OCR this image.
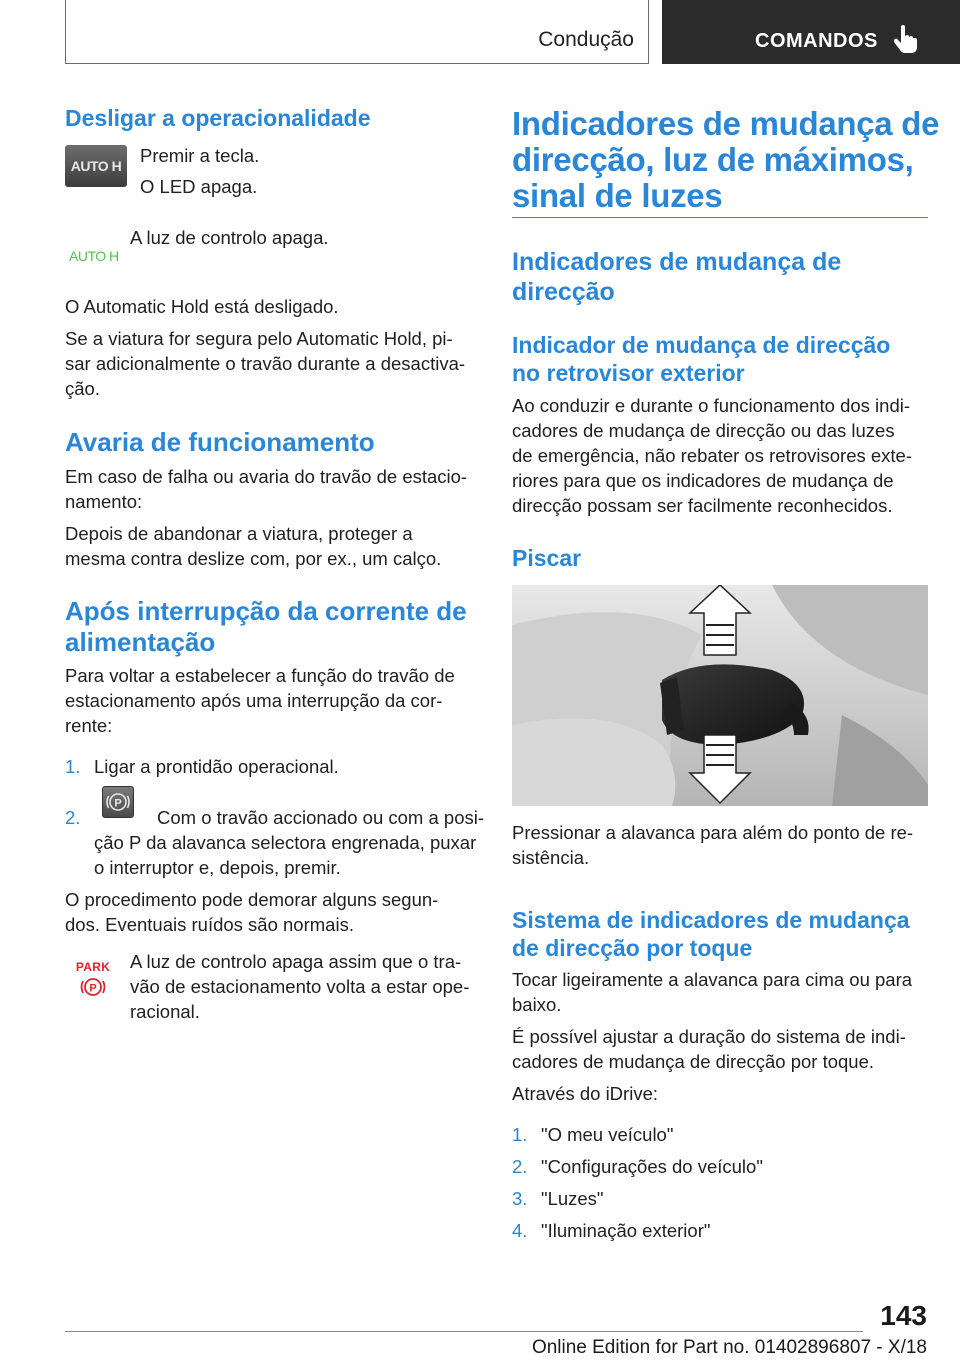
Condução	COMANDOS
Desligar a operacionalidade
AUTO H	Premir a tecla.

O LED apaga.

AUTO H

A luz de controlo apaga.

O Automatic Hold está desligado.

Se a viatura for segura pelo Automatic Hold, pi-

sar adicionalmente o travão durante a desactiva-

ção.

Avaria de funcionamento

Em caso de falha ou avaria do travão de estacio-

namento:

Depois de abandonar a viatura, proteger a

mesma contra deslize com, por ex., um calço.

Após interrupção da corrente de
alimentação

Para voltar a estabelecer a função do travão de

estacionamento após uma interrupção da cor-

rente:

1. Ligar a prontidão operacional.

2.

P

Com o travão accionado ou com a posi-

ção P da alavanca selectora engrenada, puxar

o interruptor e, depois, premir.

O procedimento pode demorar alguns segun-

dos. Eventuais ruídos são normais.

PARK
P

A luz de controlo apaga assim que o tra-

vão de estacionamento volta a estar ope-

racional.

Indicadores de mudança de
direcção, luz de máximos,
sinal de luzes
Indicadores de mudança de
direcção
Indicador de mudança de direcção
no retrovisor exterior

Ao conduzir e durante o funcionamento dos indi-

cadores de mudança de direcção ou das luzes

de emergência, não rebater os retrovisores exte-

riores para que os indicadores de mudança de

direcção possam ser facilmente reconhecidos.

Piscar

Pressionar a alavanca para além do ponto de re-

sistência.

Sistema de indicadores de mudança
de direcção por toque

Tocar ligeiramente a alavanca para cima ou para

baixo.

É possível ajustar a duração do sistema de indi-

cadores de mudança de direcção por toque.

Através do iDrive:

1. "O meu veículo"

2. "Configurações do veículo"

3. "Luzes"

4. "Iluminação exterior"

143
Online Edition for Part no. 01402896807 - X/18
